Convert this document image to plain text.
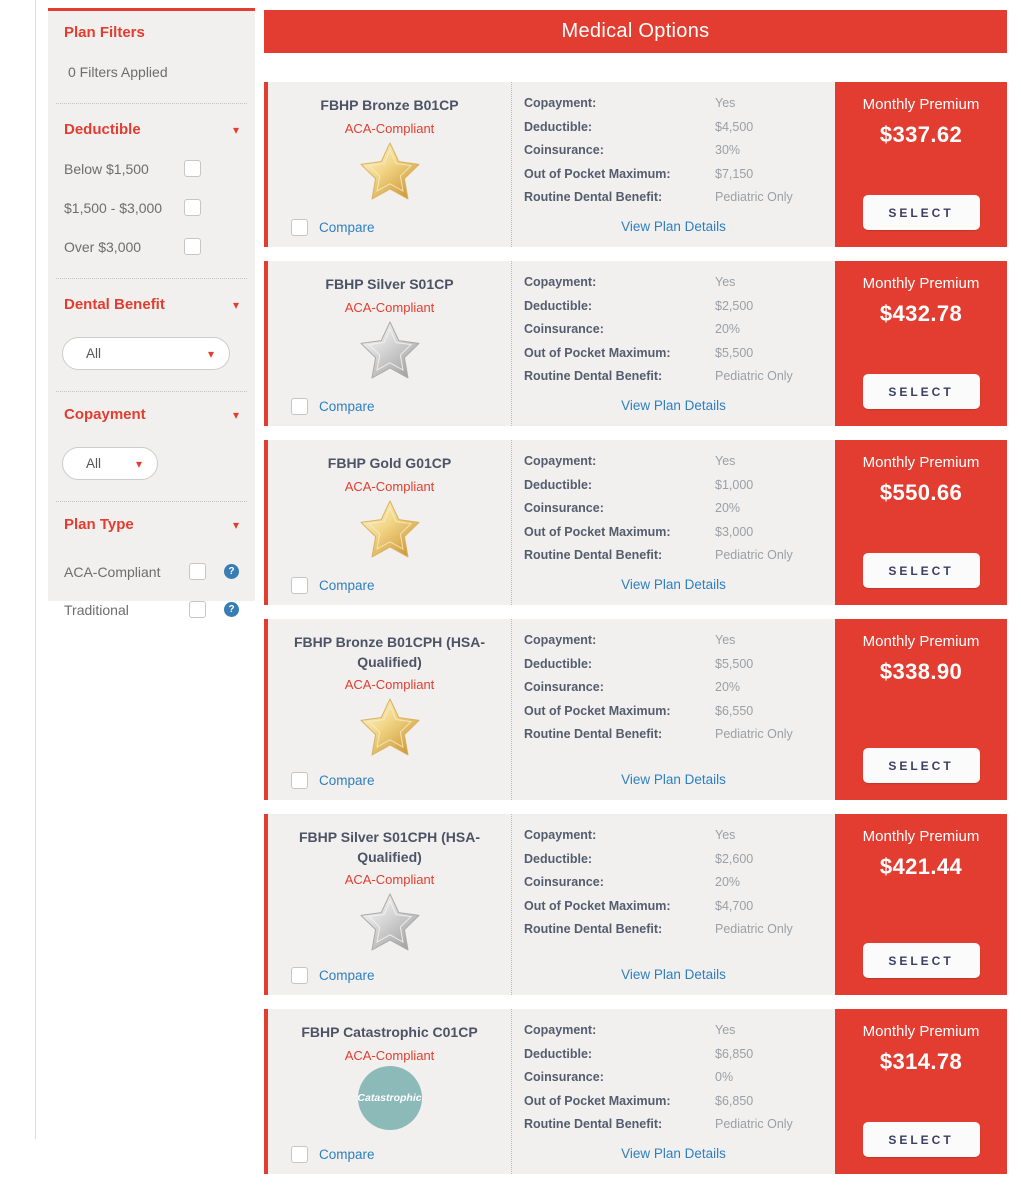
Plan Filters
0 Filters Applied
Deductible	▾
Below $1,500
$1,500 - $3,000
Over $3,000
Dental Benefit	▾
All	▾
Copayment	▾
All	▾
Plan Type	▾
ACA-Compliant	?
Traditional	?
Medical Options
FBHP Bronze B01CP
ACA-Compliant
Compare
Copayment:	Yes
Deductible:	$4,500
Coinsurance:	30%
Out of Pocket Maximum:	$7,150
Routine Dental Benefit:	Pediatric Only
View Plan Details
Monthly Premium
$337.62
SELECT
FBHP Silver S01CP
ACA-Compliant
Compare
Copayment:	Yes
Deductible:	$2,500
Coinsurance:	20%
Out of Pocket Maximum:	$5,500
Routine Dental Benefit:	Pediatric Only
View Plan Details
Monthly Premium
$432.78
SELECT
FBHP Gold G01CP
ACA-Compliant
Compare
Copayment:	Yes
Deductible:	$1,000
Coinsurance:	20%
Out of Pocket Maximum:	$3,000
Routine Dental Benefit:	Pediatric Only
View Plan Details
Monthly Premium
$550.66
SELECT
FBHP Bronze B01CPH (HSA-Qualified)
ACA-Compliant
Compare
Copayment:	Yes
Deductible:	$5,500
Coinsurance:	20%
Out of Pocket Maximum:	$6,550
Routine Dental Benefit:	Pediatric Only
View Plan Details
Monthly Premium
$338.90
SELECT
FBHP Silver S01CPH (HSA-Qualified)
ACA-Compliant
Compare
Copayment:	Yes
Deductible:	$2,600
Coinsurance:	20%
Out of Pocket Maximum:	$4,700
Routine Dental Benefit:	Pediatric Only
View Plan Details
Monthly Premium
$421.44
SELECT
FBHP Catastrophic C01CP
ACA-Compliant
Catastrophic
Compare
Copayment:	Yes
Deductible:	$6,850
Coinsurance:	0%
Out of Pocket Maximum:	$6,850
Routine Dental Benefit:	Pediatric Only
View Plan Details
Monthly Premium
$314.78
SELECT
